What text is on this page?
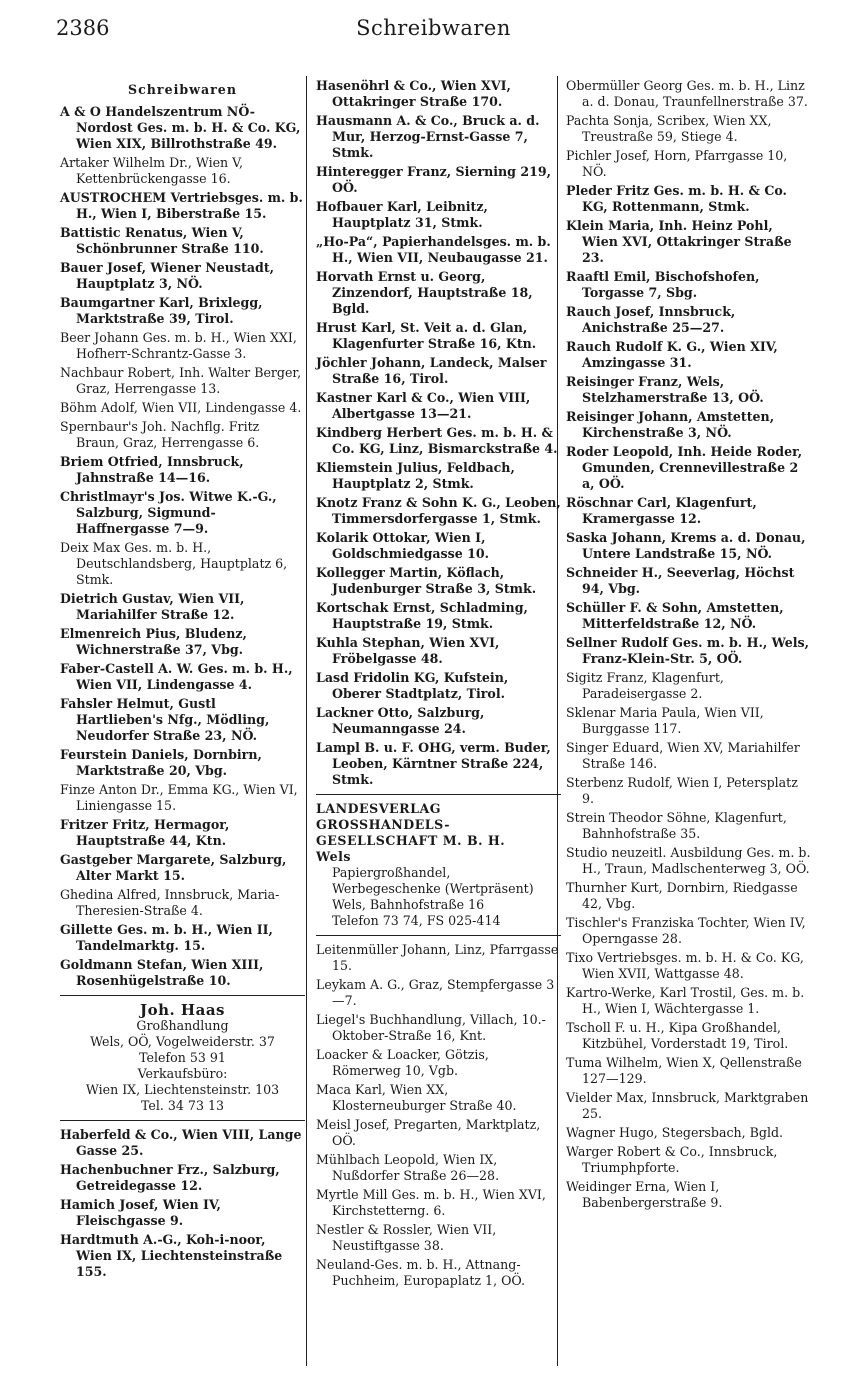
2386	Schreibwaren
Schreibwaren
A & O Handelszentrum NÖ-Nordost Ges. m. b. H. & Co. KG, Wien XIX, Billrothstraße 49.
Artaker Wilhelm Dr., Wien V, Kettenbrückengasse 16.
AUSTROCHEM Vertriebsges. m. b. H., Wien I, Biberstraße 15.
Battistic Renatus, Wien V, Schönbrunner Straße 110.
Bauer Josef, Wiener Neustadt, Hauptplatz 3, NÖ.
Baumgartner Karl, Brixlegg, Marktstraße 39, Tirol.
Beer Johann Ges. m. b. H., Wien XXI, Hofherr-Schrantz-Gasse 3.
Nachbaur Robert, Inh. Walter Berger, Graz, Herrengasse 13.
Böhm Adolf, Wien VII, Lindengasse 4.
Spernbaur's Joh. Nachflg. Fritz Braun, Graz, Herrengasse 6.
Briem Otfried, Innsbruck, Jahnstraße 14—16.
Christlmayr's Jos. Witwe K.-G., Salzburg, Sigmund-Haffnergasse 7—9.
Deix Max Ges. m. b. H., Deutschlandsberg, Hauptplatz 6, Stmk.
Dietrich Gustav, Wien VII, Mariahilfer Straße 12.
Elmenreich Pius, Bludenz, Wichnerstraße 37, Vbg.
Faber-Castell A. W. Ges. m. b. H., Wien VII, Lindengasse 4.
Fahsler Helmut, Gustl Hartlieben's Nfg., Mödling, Neudorfer Straße 23, NÖ.
Feurstein Daniels, Dornbirn, Marktstraße 20, Vbg.
Finze Anton Dr., Emma KG., Wien VI, Liniengasse 15.
Fritzer Fritz, Hermagor, Hauptstraße 44, Ktn.
Gastgeber Margarete, Salzburg, Alter Markt 15.
Ghedina Alfred, Innsbruck, Maria-Theresien-Straße 4.
Gillette Ges. m. b. H., Wien II, Tandelmarktg. 15.
Goldmann Stefan, Wien XIII, Rosenhügelstraße 10.
Joh. Haas
Großhandlung
Wels, OÖ, Vogelweiderstr. 37
Telefon 53 91
Verkaufsbüro:
Wien IX, Liechtensteinstr. 103
Tel. 34 73 13
Haberfeld & Co., Wien VIII, Lange Gasse 25.
Hachenbuchner Frz., Salzburg, Getreidegasse 12.
Hamich Josef, Wien IV, Fleischgasse 9.
Hardtmuth A.-G., Koh-i-noor, Wien IX, Liechtensteinstraße 155.
Hasenöhrl & Co., Wien XVI, Ottakringer Straße 170.
Hausmann A. & Co., Bruck a. d. Mur, Herzog-Ernst-Gasse 7, Stmk.
Hinteregger Franz, Sierning 219, OÖ.
Hofbauer Karl, Leibnitz, Hauptplatz 31, Stmk.
„Ho-Pa“, Papierhandelsges. m. b. H., Wien VII, Neubaugasse 21.
Horvath Ernst u. Georg, Zinzendorf, Hauptstraße 18, Bgld.
Hrust Karl, St. Veit a. d. Glan, Klagenfurter Straße 16, Ktn.
Jöchler Johann, Landeck, Malser Straße 16, Tirol.
Kastner Karl & Co., Wien VIII, Albertgasse 13—21.
Kindberg Herbert Ges. m. b. H. & Co. KG, Linz, Bismarckstraße 4.
Kliemstein Julius, Feldbach, Hauptplatz 2, Stmk.
Knotz Franz & Sohn K. G., Leoben, Timmersdorfergasse 1, Stmk.
Kolarik Ottokar, Wien I, Goldschmiedgasse 10.
Kollegger Martin, Köflach, Judenburger Straße 3, Stmk.
Kortschak Ernst, Schladming, Hauptstraße 19, Stmk.
Kuhla Stephan, Wien XVI, Fröbelgasse 48.
Lasd Fridolin KG, Kufstein, Oberer Stadtplatz, Tirol.
Lackner Otto, Salzburg, Neumanngasse 24.
Lampl B. u. F. OHG, verm. Buder, Leoben, Kärntner Straße 224, Stmk.
LANDESVERLAG
GROSSHANDELS-
GESELLSCHAFT M. B. H.
Wels
Papiergroßhandel, Werbegeschenke (Wertpräsent)
Wels, Bahnhofstraße 16
Telefon 73 74, FS 025-414
Leitenmüller Johann, Linz, Pfarrgasse 15.
Leykam A. G., Graz, Stempfergasse 3—7.
Liegel's Buchhandlung, Villach, 10.-Oktober-Straße 16, Knt.
Loacker & Loacker, Götzis, Römerweg 10, Vgb.
Maca Karl, Wien XX, Klosterneuburger Straße 40.
Meisl Josef, Pregarten, Marktplatz, OÖ.
Mühlbach Leopold, Wien IX, Nußdorfer Straße 26—28.
Myrtle Mill Ges. m. b. H., Wien XVI, Kirchstetterng. 6.
Nestler & Rossler, Wien VII, Neustiftgasse 38.
Neuland-Ges. m. b. H., Attnang-Puchheim, Europaplatz 1, OÖ.
Obermüller Georg Ges. m. b. H., Linz a. d. Donau, Traunfellnerstraße 37.
Pachta Sonja, Scribex, Wien XX, Treustraße 59, Stiege 4.
Pichler Josef, Horn, Pfarrgasse 10, NÖ.
Pleder Fritz Ges. m. b. H. & Co. KG, Rottenmann, Stmk.
Klein Maria, Inh. Heinz Pohl, Wien XVI, Ottakringer Straße 23.
Raaftl Emil, Bischofshofen, Torgasse 7, Sbg.
Rauch Josef, Innsbruck, Anichstraße 25—27.
Rauch Rudolf K. G., Wien XIV, Amzingasse 31.
Reisinger Franz, Wels, Stelzhamerstraße 13, OÖ.
Reisinger Johann, Amstetten, Kirchenstraße 3, NÖ.
Roder Leopold, Inh. Heide Roder, Gmunden, Crennevillestraße 2 a, OÖ.
Röschnar Carl, Klagenfurt, Kramergasse 12.
Saska Johann, Krems a. d. Donau, Untere Landstraße 15, NÖ.
Schneider H., Seeverlag, Höchst 94, Vbg.
Schüller F. & Sohn, Amstetten, Mitterfeldstraße 12, NÖ.
Sellner Rudolf Ges. m. b. H., Wels, Franz-Klein-Str. 5, OÖ.
Sigitz Franz, Klagenfurt, Paradeisergasse 2.
Sklenar Maria Paula, Wien VII, Burggasse 117.
Singer Eduard, Wien XV, Mariahilfer Straße 146.
Sterbenz Rudolf, Wien I, Petersplatz 9.
Strein Theodor Söhne, Klagenfurt, Bahnhofstraße 35.
Studio neuzeitl. Ausbildung Ges. m. b. H., Traun, Madlschenterweg 3, OÖ.
Thurnher Kurt, Dornbirn, Riedgasse 42, Vbg.
Tischler's Franziska Tochter, Wien IV, Operngasse 28.
Tixo Vertriebsges. m. b. H. & Co. KG, Wien XVII, Wattgasse 48.
Kartro-Werke, Karl Trostil, Ges. m. b. H., Wien I, Wächtergasse 1.
Tscholl F. u. H., Kipa Großhandel, Kitzbühel, Vorderstadt 19, Tirol.
Tuma Wilhelm, Wien X, Qellenstraße 127—129.
Vielder Max, Innsbruck, Marktgraben 25.
Wagner Hugo, Stegersbach, Bgld.
Warger Robert & Co., Innsbruck, Triumphpforte.
Weidinger Erna, Wien I, Babenbergerstraße 9.
